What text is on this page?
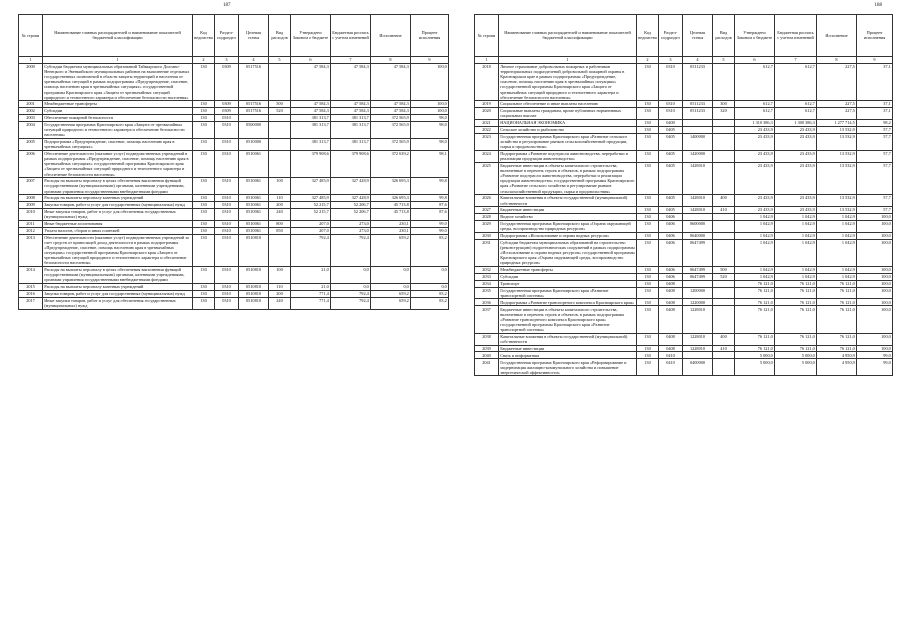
187
№ строки	Наименование главных распорядителей и наименование показателей бюджетной классификации	Код ведомства	Раздел-подраздел	Целевая статья	Вид расходов	Утверждено Законом о бюджете	Бюджетная роспись с учетом изменений	Исполнение	Процент исполнения
1	1	2	3	4	5	6	7	8	9
2000	Субсидии бюджетам муниципальных образований Таймырского Долгано-Ненецкого и Эвенкийского муниципальных районов на выполнение отдельных государственных полномочий в области защиты территорий и населения от чрезвычайных ситуаций в рамках подпрограммы «Предупреждение, спасение, помощь населению края в чрезвычайных ситуациях» государственной программы Красноярского края «Защита от чрезвычайных ситуаций природного и техногенного характера и обеспечение безопасности населения»	130	0309	0517516		47 584,3	47 584,3	47 584,3	100,0
2001	Межбюджетные трансферты	130	0309	0517516	500	47 584,3	47 584,3	47 584,3	100,0
2002	Субсидии	130	0309	0517516	520	47 584,3	47 584,3	47 584,3	100,0
2003	Обеспечение пожарной безопасности	130	0310			381 313,7	381 313,7	372 565,9	98,0
2004	Государственная программа Красноярского края «Защита от чрезвычайных ситуаций природного и техногенного характера и обеспечение безопасности населения»	130	0310	0500000		381 313,7	381 313,7	372 565,9	98,0
2005	Подпрограмма «Предупреждение, спасение, помощь населению края в чрезвычайных ситуациях»	130	0310	0510000		381 313,7	381 313,7	372 565,9	98,0
2006	Обеспечение деятельности (оказание услуг) подведомственных учреждений в рамках подпрограммы «Предупреждение, спасение, помощь населению края в чрезвычайных ситуациях» государственной программы Красноярского края «Защита от чрезвычайных ситуаций природного и техногенного характера и обеспечение безопасности населения»	130	0310	0510061		379 908,6	379 908,6	372 639,2	98,1
2007	Расходы на выплаты персоналу в целях обеспечения выполнения функций государственными (муниципальными) органами, казенными учреждениями, органами управления государственными внебюджетными фондами	130	0310	0510061	100	327 485,9	327 428,9	326 695,3	99,8
2008	Расходы на выплаты персоналу казенных учреждений	130	0310	0510061	110	327 485,9	327 428,9	326 695,3	99,8
2009	Закупка товаров, работ и услуг для государственных (муниципальных) нужд	130	0310	0510061	200	52 215,7	52 206,7	45 713,8	87,6
2010	Иные закупки товаров, работ и услуг для обеспечения государственных (муниципальных) нужд	130	0310	0510061	240	52 215,7	52 206,7	45 713,8	87,6
2011	Иные бюджетные ассигнования	130	0310	0510061	800	207,0	273,0	230,1	99,0
2012	Уплата налогов, сборов и иных платежей	130	0310	0510061	850	207,0	273,0	230,1	99,0
2013	Обеспечение деятельности (оказание услуг) подведомственных учреждений за счет средств от приносящей доход деятельности в рамках подпрограммы «Предупреждение, спасение, помощь населению края в чрезвычайных ситуациях» государственной программы Красноярского края «Защита от чрезвычайных ситуаций природного и техногенного характера и обеспечение безопасности населения»	130	0310	0510810		792,4	792,4	659,2	83,2
2014	Расходы на выплаты персоналу в целях обеспечения выполнения функций государственными (муниципальными) органами, казенными учреждениями, органами управления государственными внебюджетными фондами	130	0310	0510810	100	21,0	0,0	0,0	0,0
2015	Расходы на выплаты персоналу казенных учреждений	130	0310	0510810	110	21,0	0,0	0,0	0,0
2016	Закупка товаров, работ и услуг для государственных (муниципальных) нужд	130	0310	0510810	200	771,4	792,4	659,2	83,2
2017	Иные закупки товаров, работ и услуг для обеспечения государственных (муниципальных) нужд	130	0310	0510810	240	771,4	792,4	659,2	83,2
188
№ строки	Наименование главных распорядителей и наименование показателей бюджетной классификации	Код ведомства	Раздел-подраздел	Целевая статья	Вид расходов	Утверждено Законом о бюджете	Бюджетная роспись с учетом изменений	Исполнение	Процент исполнения
1	1	2	3	4	5	6	7	8	9
2018	Личное страхование добровольных пожарных и работников территориальных подразделений добровольной пожарной охраны в Красноярском крае в рамках подпрограммы «Предупреждение, спасение, помощь населению края в чрезвычайных ситуациях» государственной программы Красноярского края «Защита от чрезвычайных ситуаций природного и техногенного характера и обеспечение безопасности населения»	130	0310	0511233		612,7	612,7	227,5	37,1
2019	Социальное обеспечение и иные выплаты населению	130	0310	0511233	300	612,7	612,7	227,5	37,1
2020	Социальные выплаты гражданам, кроме публичных нормативных социальных выплат	130	0310	0511233	320	612,7	612,7	227,5	37,1
2021	НАЦИОНАЛЬНАЯ ЭКОНОМИКА	130	0400			1 310 386,3	1 300 386,3	1 277 714,5	98,2
2022	Сельское хозяйство и рыболовство	130	0405			23 433,9	23 433,9	13 532,9	57,7
2023	Государственная программа Красноярского края «Развитие сельского хозяйства и регулирование рынков сельскохозяйственной продукции, сырья и продовольствия»	130	0405	1400000		23 433,9	23 433,9	13 532,9	57,7
2024	Подпрограмма «Развитие подотрасли животноводства, переработки и реализации продукции животноводства»	130	0405	1420000		23 433,9	23 433,9	13 532,9	57,7
2025	Бюджетные инвестиции в объекты капитального строительства, включенные в перечень строек и объектов, в рамках подпрограммы «Развитие подотрасли животноводства, переработки и реализации продукции животноводства» государственной программы Красноярского края «Развитие сельского хозяйства и регулирование рынков сельскохозяйственной продукции, сырья и продовольствия»	130	0405	1428010		23 433,9	23 433,9	13 532,9	57,7
2026	Капитальные вложения в объекты государственной (муниципальной) собственности	130	0405	1428010	400	23 433,9	23 433,9	13 532,9	57,7
2027	Бюджетные инвестиции	130	0405	1428010	410	23 433,9	23 433,9	13 532,9	57,7
2028	Водное хозяйство	130	0406			1 042,9	1 042,9	1 042,9	100,0
2029	Государственная программа Красноярского края «Охрана окружающей среды, воспроизводство природных ресурсов»	130	0406	0600000		1 042,9	1 042,9	1 042,9	100,0
2030	Подпрограмма «Использование и охрана водных ресурсов»	130	0406	0640000		1 042,9	1 042,9	1 042,9	100,0
2031	Субсидии бюджетам муниципальных образований на строительство (реконструкцию) гидротехнических сооружений в рамках подпрограммы «Использование и охрана водных ресурсов» государственной программы Красноярского края «Охрана окружающей среды, воспроизводство природных ресурсов»	130	0406	0647499		1 042,9	1 042,9	1 042,9	100,0
2032	Межбюджетные трансферты	130	0406	0647499	500	1 042,9	1 042,9	1 042,9	100,0
2033	Субсидии	130	0406	0647499	520	1 042,9	1 042,9	1 042,9	100,0
2034	Транспорт	130	0408			76 121,0	76 121,0	76 121,0	100,0
2035	Государственная программа Красноярского края «Развитие транспортной системы»	130	0408	1200000		76 121,0	76 121,0	76 121,0	100,0
2036	Подпрограмма «Развитие транспортного комплекса Красноярского края»	130	0408	1220000		76 121,0	76 121,0	76 121,0	100,0
2037	Бюджетные инвестиции в объекты капитального строительства, включенные в перечень строек и объектов, в рамках подпрограммы «Развитие транспортного комплекса Красноярского края» государственной программы Красноярского края «Развитие транспортной системы»	130	0408	1228010		76 121,0	76 121,0	76 121,0	100,0
2038	Капитальные вложения в объекты государственной (муниципальной) собственности	130	0408	1228010	400	76 121,0	76 121,0	76 121,0	100,0
2039	Бюджетные инвестиции	130	0408	1228010	410	76 121,0	76 121,0	76 121,0	100,0
2040	Связь и информатика	130	0410			5 000,0	5 000,0	4 950,9	99,0
2041	Государственная программа Красноярского края «Реформирование и модернизация жилищно-коммунального хозяйства и повышение энергетической эффективности»	130	0410	0400000		5 000,0	5 000,0	4 950,9	99,0
